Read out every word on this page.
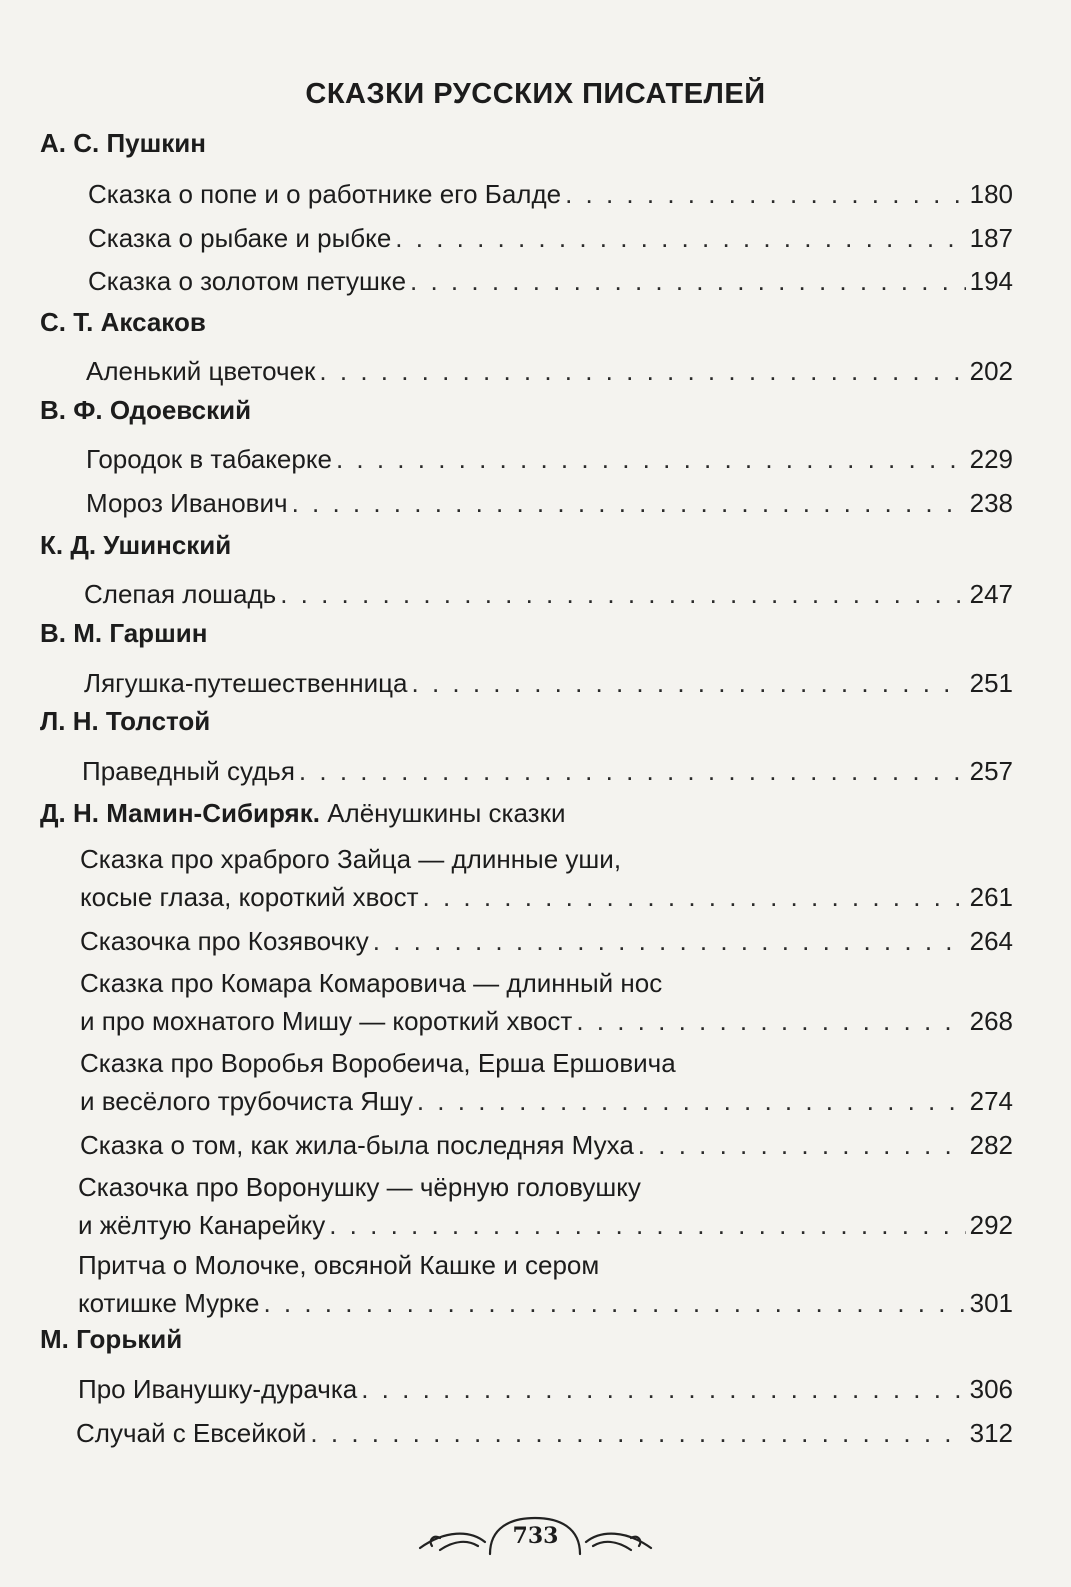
СКАЗКИ РУССКИХ ПИСАТЕЛЕЙ
А. С. Пушкин
С. Т. Аксаков
В. Ф. Одоевский
К. Д. Ушинский
В. М. Гаршин
Л. Н. Толстой
Д. Н. Мамин-Сибиряк. Алёнушкины сказки
М. Горький
Сказка о попе и о работнике его Балде . . .	180
Сказка о рыбаке и рыбке . . .	187
Сказка о золотом петушке . . .	194
Аленький цветочек . . .	202
Городок в табакерке . . .	229
Мороз Иванович . . .	238
Слепая лошадь . . .	247
Лягушка-путешественница . . .	251
Праведный судья . . .	257
Сказка про храброго Зайца — длинные уши,
косые глаза, короткий хвост . . .	261
Сказочка про Козявочку . . .	264
Сказка про Комара Комаровича — длинный нос
и про мохнатого Мишу — короткий хвост . . .	268
Сказка про Воробья Воробеича, Ерша Ершовича
и весёлого трубочиста Яшу . . .	274
Сказка о том, как жила-была последняя Муха . . .	282
Сказочка про Воронушку — чёрную головушку
и жёлтую Канарейку . . .	292
Притча о Молочке, овсяной Кашке и сером
котишке Мурке . . .	301
Про Иванушку-дурачка . . .	306
Случай с Евсейкой . . .	312
733
